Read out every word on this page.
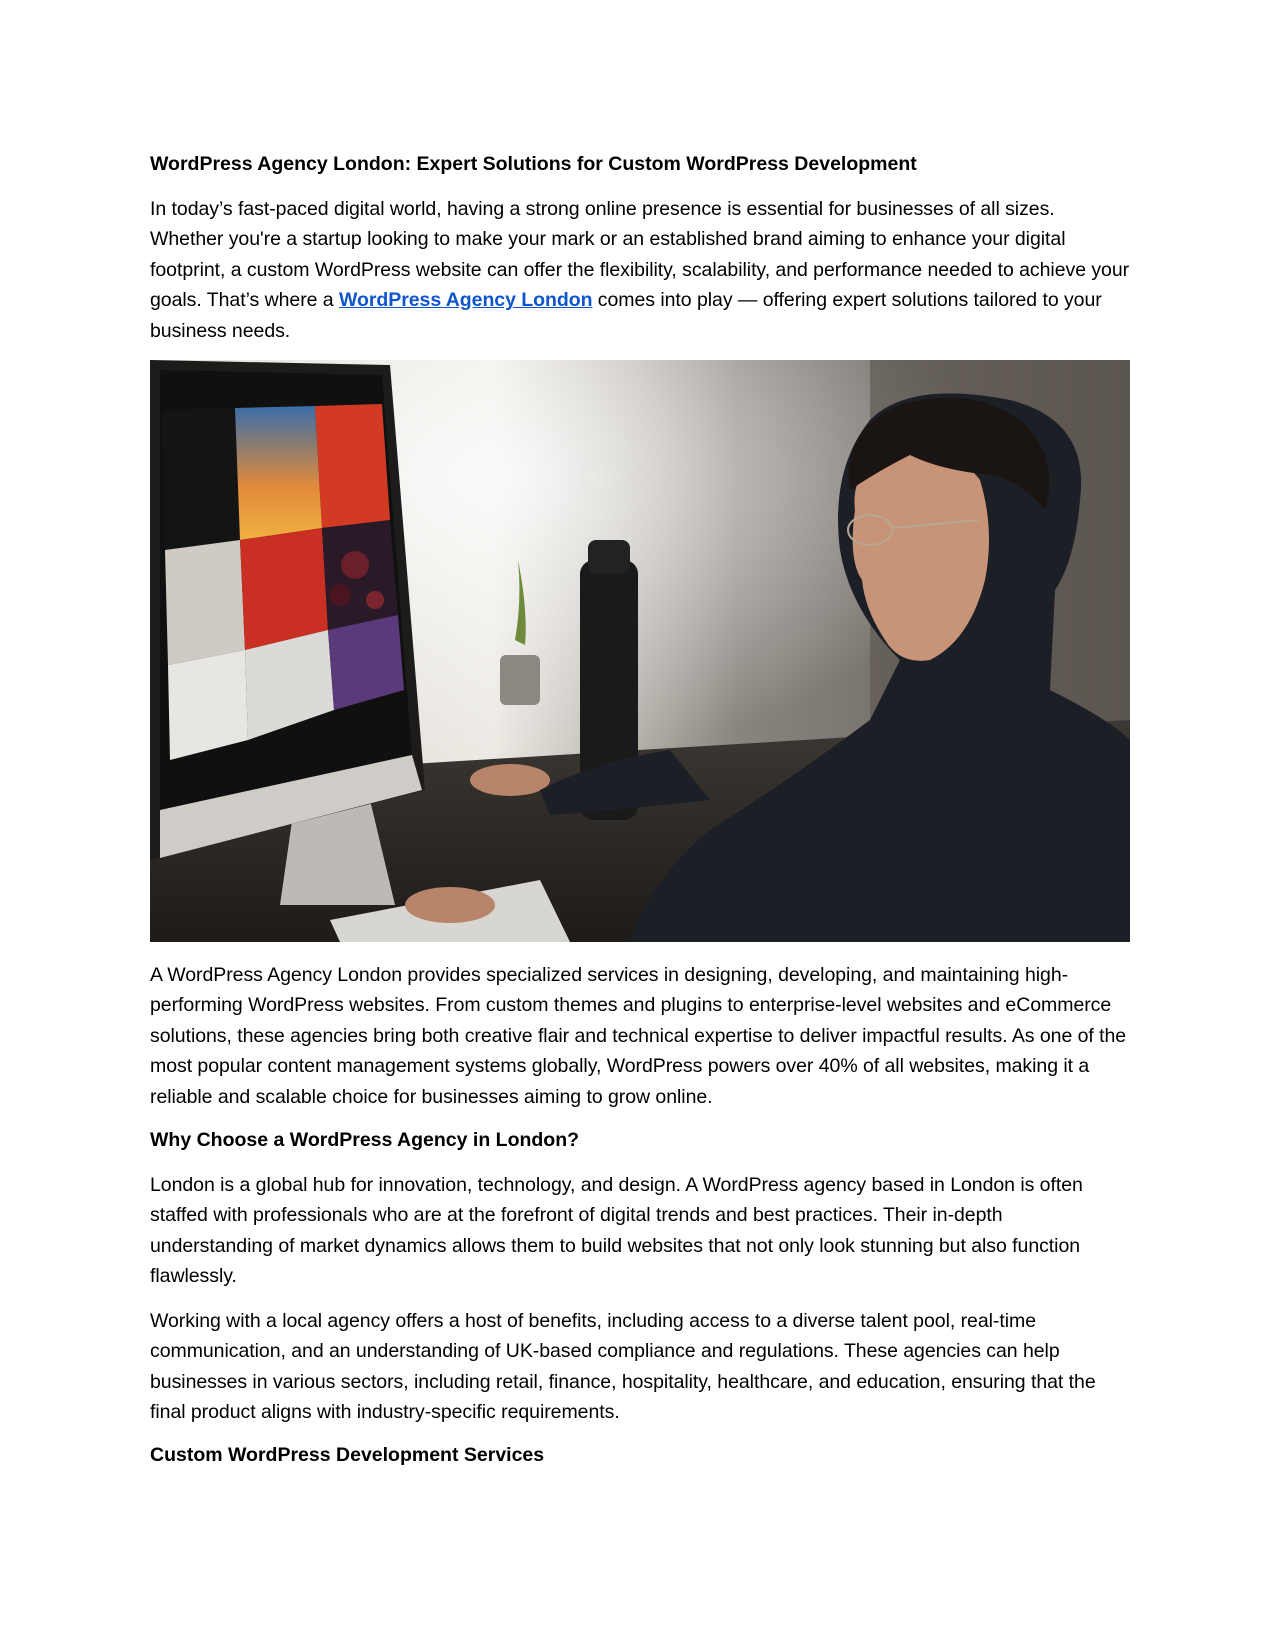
WordPress Agency London: Expert Solutions for Custom WordPress Development

In today’s fast-paced digital world, having a strong online presence is essential for businesses of all sizes. Whether you're a startup looking to make your mark or an established brand aiming to enhance your digital footprint, a custom WordPress website can offer the flexibility, scalability, and performance needed to achieve your goals. That’s where a WordPress Agency London comes into play — offering expert solutions tailored to your business needs.

A WordPress Agency London provides specialized services in designing, developing, and maintaining high-performing WordPress websites. From custom themes and plugins to enterprise-level websites and eCommerce solutions, these agencies bring both creative flair and technical expertise to deliver impactful results. As one of the most popular content management systems globally, WordPress powers over 40% of all websites, making it a reliable and scalable choice for businesses aiming to grow online.

Why Choose a WordPress Agency in London?

London is a global hub for innovation, technology, and design. A WordPress agency based in London is often staffed with professionals who are at the forefront of digital trends and best practices. Their in-depth understanding of market dynamics allows them to build websites that not only look stunning but also function flawlessly.

Working with a local agency offers a host of benefits, including access to a diverse talent pool, real-time communication, and an understanding of UK-based compliance and regulations. These agencies can help businesses in various sectors, including retail, finance, hospitality, healthcare, and education, ensuring that the final product aligns with industry-specific requirements.

Custom WordPress Development Services
